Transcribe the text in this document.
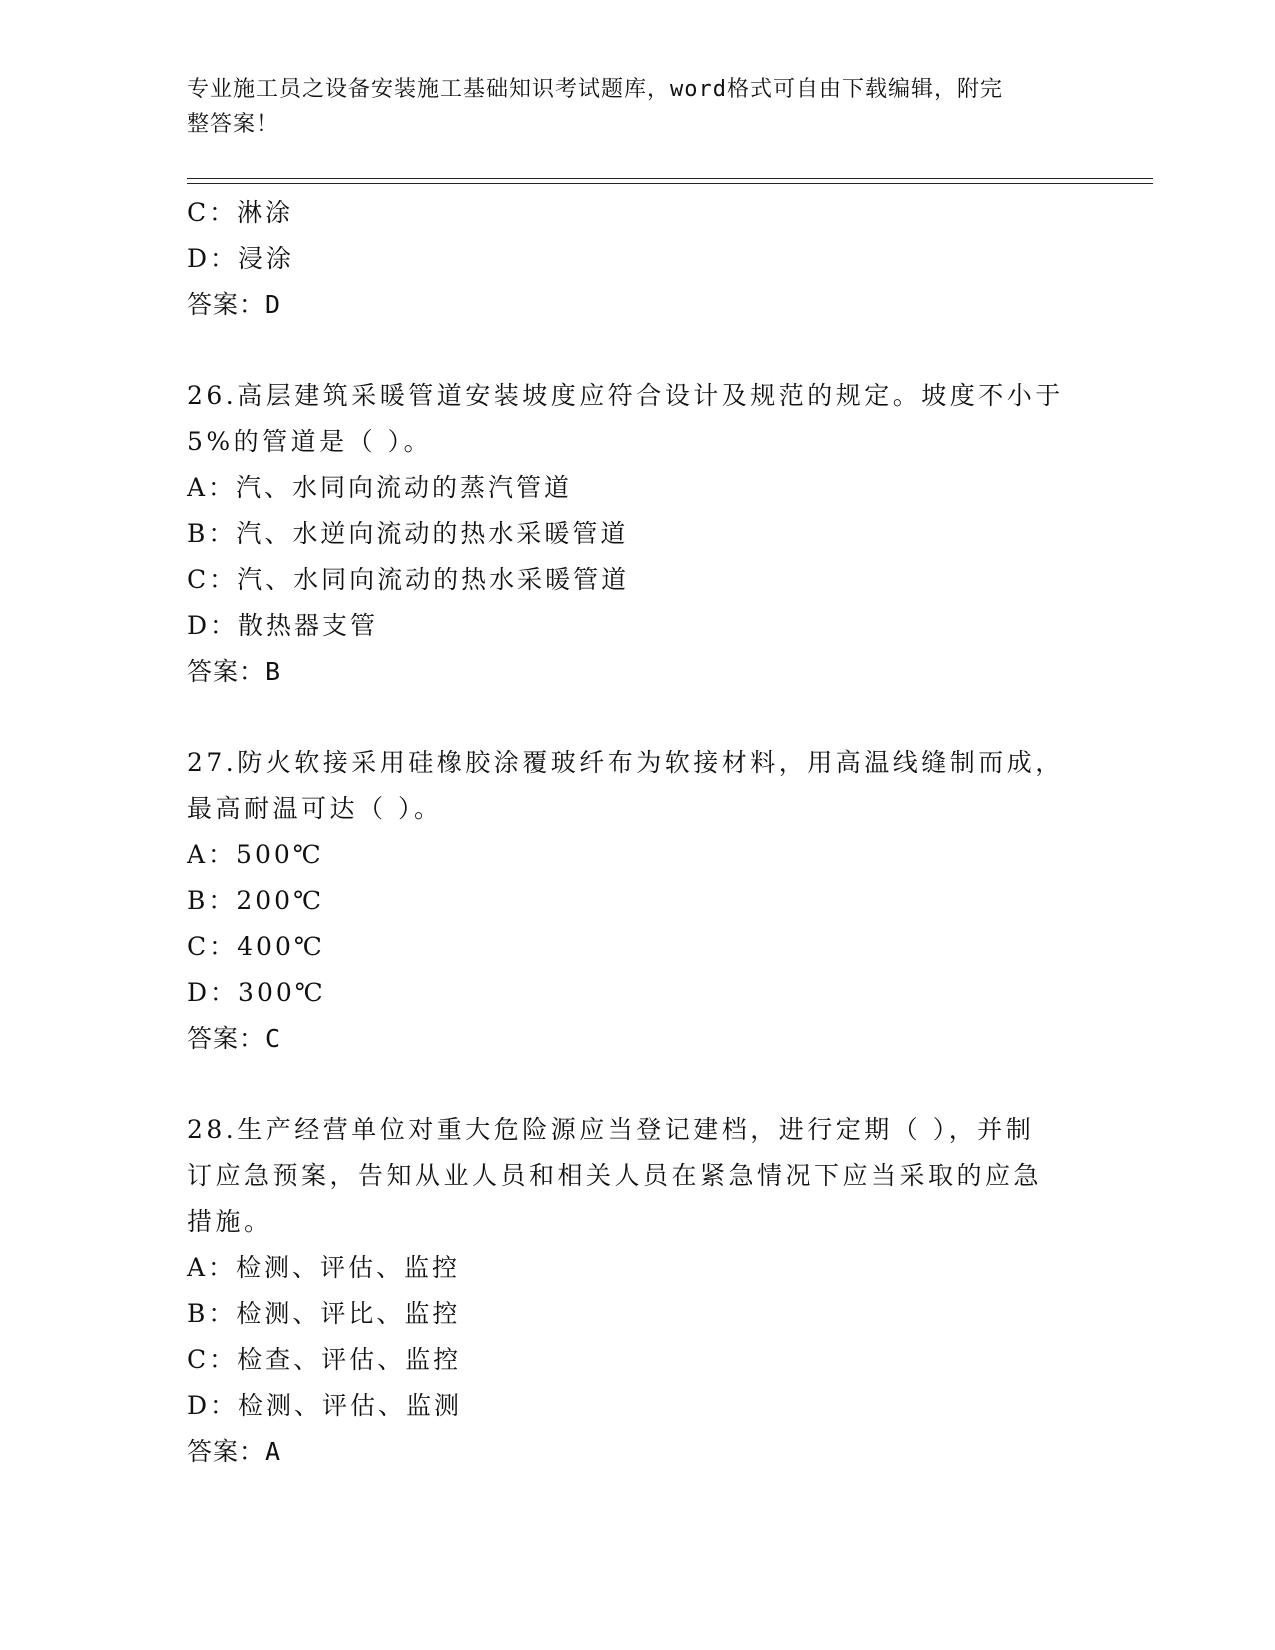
专业施工员之设备安装施工基础知识考试题库，word格式可自由下载编辑，附完
整答案！
C：淋涂
D：浸涂
答案：D
26.高层建筑采暖管道安装坡度应符合设计及规范的规定。坡度不小于
5%的管道是（ ）。
A：汽、水同向流动的蒸汽管道
B：汽、水逆向流动的热水采暖管道
C：汽、水同向流动的热水采暖管道
D：散热器支管
答案：B
27.防火软接采用硅橡胶涂覆玻纤布为软接材料，用高温线缝制而成，
最高耐温可达（ ）。
A：500℃
B：200℃
C：400℃
D：300℃
答案：C
28.生产经营单位对重大危险源应当登记建档，进行定期（ ），并制
订应急预案，告知从业人员和相关人员在紧急情况下应当采取的应急
措施。
A：检测、评估、监控
B：检测、评比、监控
C：检查、评估、监控
D：检测、评估、监测
答案：A
